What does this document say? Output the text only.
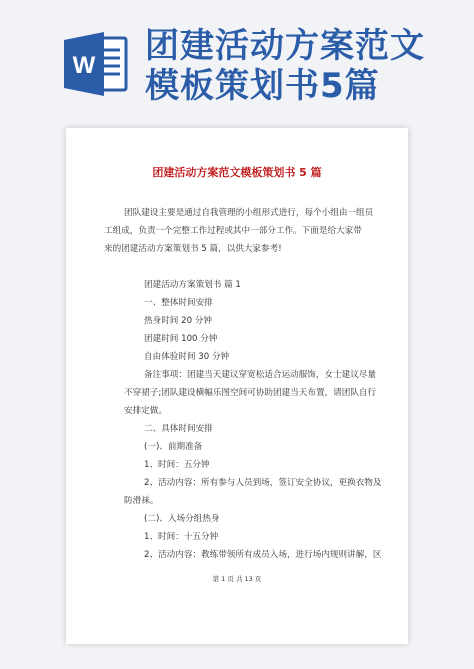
W 团建活动方案范文
模板策划书5篇
团建活动方案范文模板策划书 5 篇
团队建设主要是通过自我管理的小组形式进行，每个小组由一组员
工组成，负责一个完整工作过程或其中一部分工作。下面是给大家带
来的团建活动方案策划书 5 篇，以供大家参考!
团建活动方案策划书 篇 1
一、整体时间安排
热身时间 20 分钟
团建时间 100 分钟
自由体验时间 30 分钟
备注事项：团建当天建议穿宽松适合运动服饰，女士建议尽量
不穿裙子;团队建设横幅乐图空间可协助团建当天布置，请团队自行
安排定做。
二、具体时间安排
(一)、前期准备
1、时间：五分钟
2、活动内容：所有参与人员到场，签订安全协议，更换衣物及
防滑袜。
(二)、入场分组热身
1、时间：十五分钟
2、活动内容：教练带领所有成员入场，进行场内规则讲解，区
第 1 页 共 13 页
